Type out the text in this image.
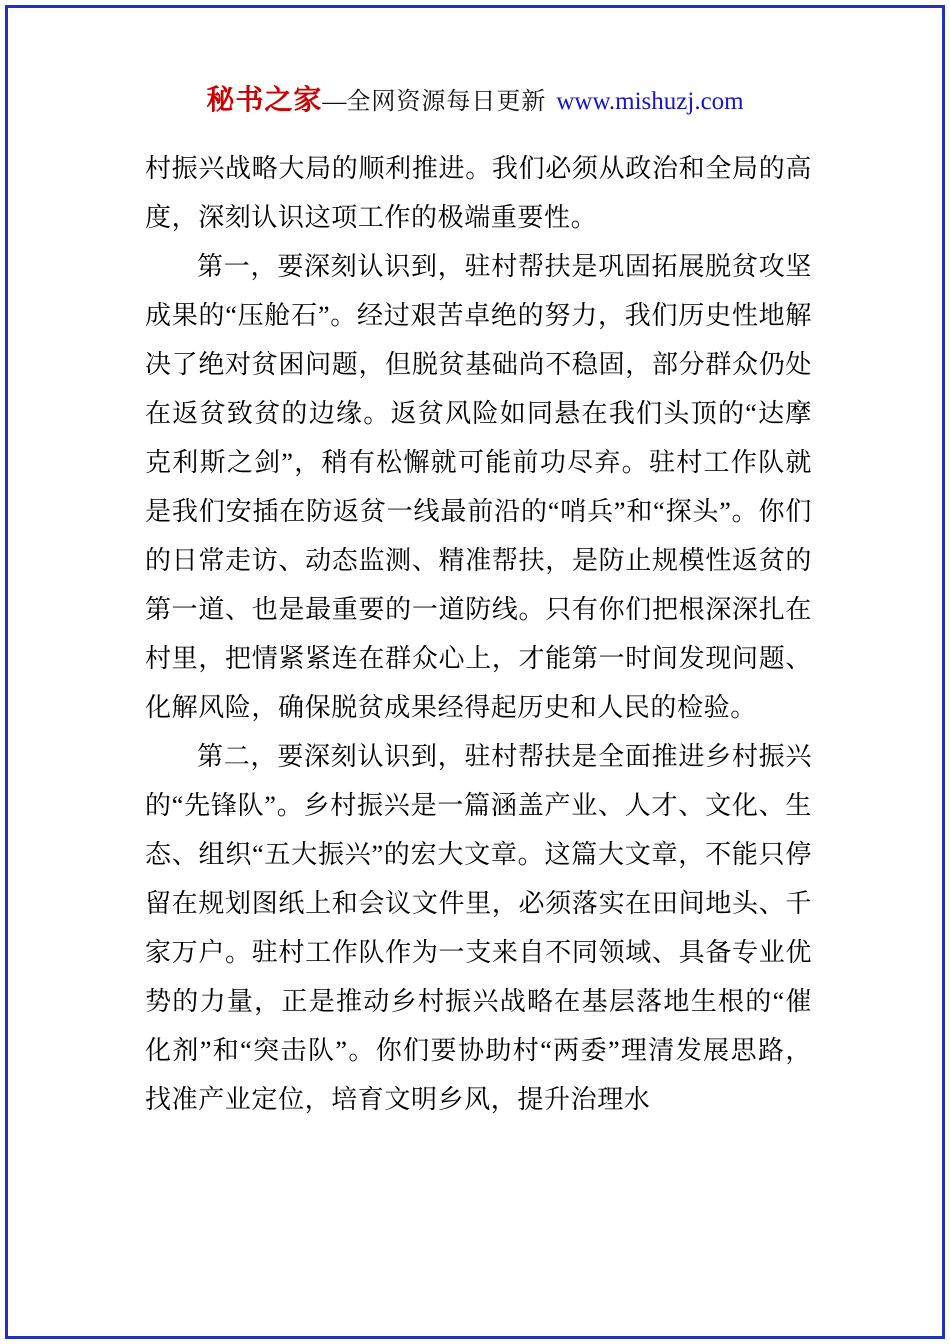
秘书之家—全网资源每日更新 www.mishuzj.com

村振兴战略大局的顺利推进。我们必须从政治和全局的高度，深刻认识这项工作的极端重要性。

第一，要深刻认识到，驻村帮扶是巩固拓展脱贫攻坚成果的“压舱石”。经过艰苦卓绝的努力，我们历史性地解决了绝对贫困问题，但脱贫基础尚不稳固，部分群众仍处在返贫致贫的边缘。返贫风险如同悬在我们头顶的“达摩克利斯之剑”，稍有松懈就可能前功尽弃。驻村工作队就是我们安插在防返贫一线最前沿的“哨兵”和“探头”。你们的日常走访、动态监测、精准帮扶，是防止规模性返贫的第一道、也是最重要的一道防线。只有你们把根深深扎在村里，把情紧紧连在群众心上，才能第一时间发现问题、化解风险，确保脱贫成果经得起历史和人民的检验。

第二，要深刻认识到，驻村帮扶是全面推进乡村振兴的“先锋队”。乡村振兴是一篇涵盖产业、人才、文化、生态、组织“五大振兴”的宏大文章。这篇大文章，不能只停留在规划图纸上和会议文件里，必须落实在田间地头、千家万户。驻村工作队作为一支来自不同领域、具备专业优势的力量，正是推动乡村振兴战略在基层落地生根的“催化剂”和“突击队”。你们要协助村“两委”理清发展思路，找准产业定位，培育文明乡风，提升治理水
